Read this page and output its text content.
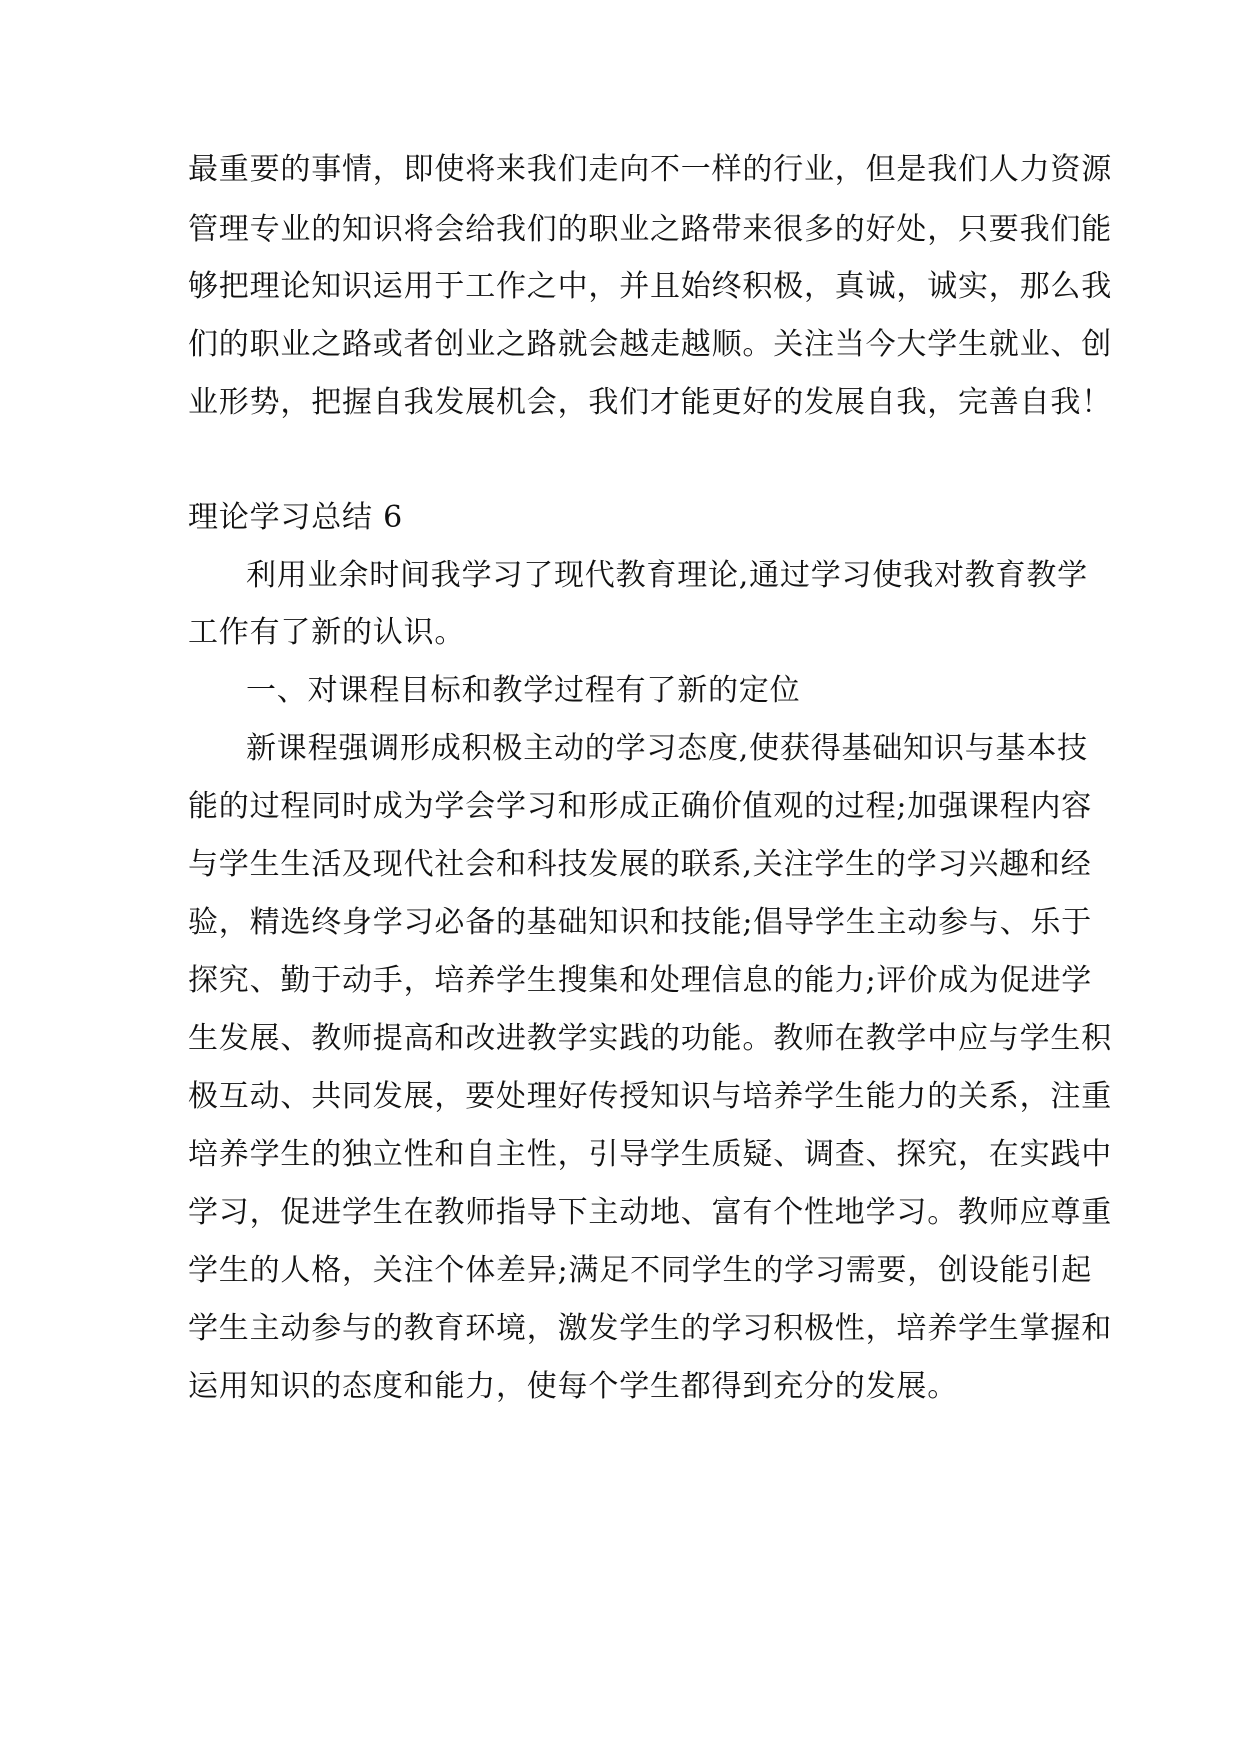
最重要的事情，即使将来我们走向不一样的行业，但是我们人力资源
管理专业的知识将会给我们的职业之路带来很多的好处，只要我们能
够把理论知识运用于工作之中，并且始终积极，真诚，诚实，那么我
们的职业之路或者创业之路就会越走越顺。关注当今大学生就业、创
业形势，把握自我发展机会，我们才能更好的发展自我，完善自我！
理论学习总结 6
利用业余时间我学习了现代教育理论,通过学习使我对教育教学
工作有了新的认识。
一、对课程目标和教学过程有了新的定位
新课程强调形成积极主动的学习态度,使获得基础知识与基本技
能的过程同时成为学会学习和形成正确价值观的过程;加强课程内容
与学生生活及现代社会和科技发展的联系,关注学生的学习兴趣和经
验，精选终身学习必备的基础知识和技能;倡导学生主动参与、乐于
探究、勤于动手，培养学生搜集和处理信息的能力;评价成为促进学
生发展、教师提高和改进教学实践的功能。教师在教学中应与学生积
极互动、共同发展，要处理好传授知识与培养学生能力的关系，注重
培养学生的独立性和自主性，引导学生质疑、调查、探究，在实践中
学习，促进学生在教师指导下主动地、富有个性地学习。教师应尊重
学生的人格，关注个体差异;满足不同学生的学习需要，创设能引起
学生主动参与的教育环境，激发学生的学习积极性，培养学生掌握和
运用知识的态度和能力，使每个学生都得到充分的发展。
